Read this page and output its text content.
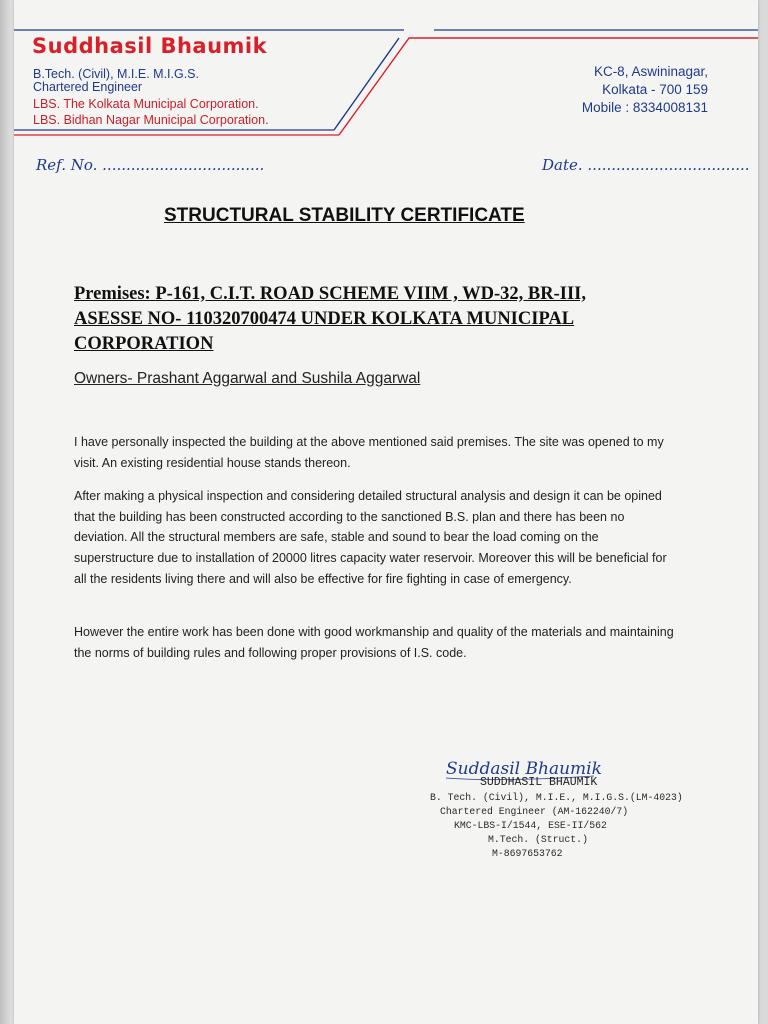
Suddhasil Bhaumik
B.Tech. (Civil), M.I.E. M.I.G.S.
Chartered Engineer
LBS. The Kolkata Municipal Corporation.
LBS. Bidhan Nagar Municipal Corporation.
KC-8, Aswininagar,
Kolkata - 700 159
Mobile : 8334008131
Ref. No. ..................................	Date. ..................................
STRUCTURAL STABILITY CERTIFICATE
Premises: P-161, C.I.T. ROAD SCHEME VIIM , WD-32, BR-III,
ASESSE NO- 110320700474 UNDER KOLKATA MUNICIPAL
CORPORATION
Owners- Prashant Aggarwal and Sushila Aggarwal
I have personally inspected the building at the above mentioned said premises. The site was opened to my visit. An existing residential house stands thereon.
After making a physical inspection and considering detailed structural analysis and design it can be opined that the building has been constructed according to the sanctioned B.S. plan and there has been no deviation. All the structural members are safe, stable and sound to bear the load coming on the superstructure due to installation of 20000 litres capacity water reservoir. Moreover this will be beneficial for all the residents living there and will also be effective for fire fighting in case of emergency.
However the entire work has been done with good workmanship and quality of the materials and maintaining the norms of building rules and following proper provisions of I.S. code.
Suddasil Bhaumik
SUDDHASIL BHAUMIK
B. Tech. (Civil), M.I.E., M.I.G.S.(LM-4023)
Chartered Engineer (AM-162240/7)
KMC-LBS-I/1544, ESE-II/562
M.Tech. (Struct.)
M-8697653762
